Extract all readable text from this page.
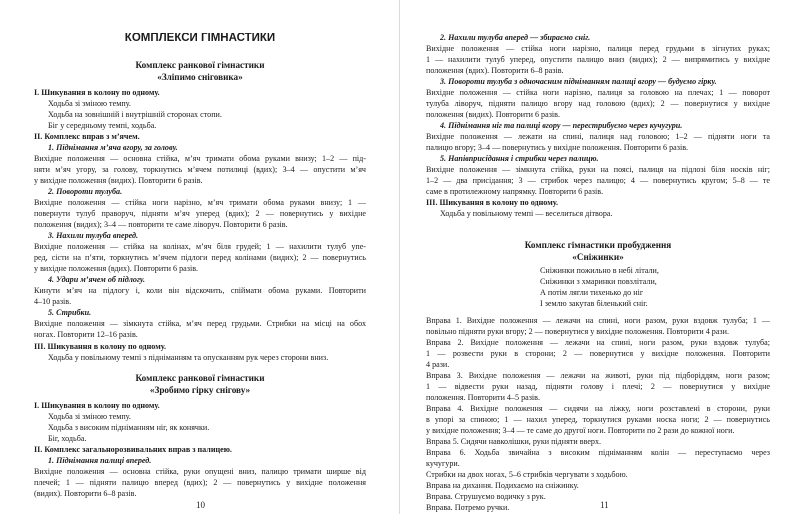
КОМПЛЕКСИ ГІМНАСТИКИ
Комплекс ранкової гімнастики
«Зліпимо сніговика»
І. Шикування в колону по одному.
Ходьба зі зміною темпу.
Ходьба на зовнішній і внутрішній сторонах стопи.
Біг у середньому темпі, ходьба.
ІІ. Комплекс вправ з м’ячем.
1. Піднімання м’яча вгору, за голову.
Вихідне положення — основна стійка, м’яч тримати обома руками внизу; 1–2 — під-
няти м’яч угору, за голову, торкнутись м’ячем потилиці (вдих); 3–4 — опустити м’яч
у вихідне положення (видих). Повторити 6 разів.
2. Повороти тулуба.
Вихідне положення — стійка ноги нарізно, м’яч тримати обома руками внизу; 1 —
повернути тулуб праворуч, підняти м’яч уперед (вдих); 2 — повернутись у вихідне
положення (видих); 3–4 — повторити те саме ліворуч. Повторити 6 разів.
3. Нахили тулуба вперед.
Вихідне положення — стійка на колінах, м’яч біля грудей; 1 — нахилити тулуб упе-
ред, сісти на п’яти, торкнутись м’ячем підлоги перед колінами (видих); 2 — повернутись
у вихідне положення (вдих). Повторити 6 разів.
4. Удари м’ячем об підлогу.
Кинути м’яч на підлогу і, коли він відскочить, спіймати обома руками. Повторити
4–10 разів.
5. Стрибки.
Вихідне положення — зімкнута стійка, м’яч перед грудьми. Стрибки на місці на обох
ногах. Повторити 12–16 разів.
ІІІ. Шикування в колону по одному.
Ходьба у повільному темпі з підніманням та опусканням рук через сторони вниз.
Комплекс ранкової гімнастики
«Зробимо гірку снігову»
І. Шикування в колону по одному.
Ходьба зі зміною темпу.
Ходьба з високим підніманням ніг, як конячки.
Біг, ходьба.
ІІ. Комплекс загальнорозвивальних вправ з палицею.
1. Піднімання палиці вперед.
Вихідне положення — основна стійка, руки опущені вниз, палицю тримати ширше від
плечей; 1 — підняти палицю вперед (вдих); 2 — повернутись у вихідне положення
(видих). Повторити 6–8 разів.
10
2. Нахили тулуба вперед — збираємо сніг.
Вихідне положення — стійка ноги нарізно, палиця перед грудьми в зігнутих руках;
1 — нахилити тулуб уперед, опустити палицю вниз (видих); 2 — випрямитись у вихідне
положення (вдих). Повторити 6–8 разів.
3. Повороти тулуба з одночасним підніманням палиці вгору — будуємо гірку.
Вихідне положення — стійка ноги нарізно, палиця за головою на плечах; 1 — поворот
тулуба ліворуч, підняти палицю вгору над головою (вдих); 2 — повернутися у вихідне
положення (видих). Повторити 6 разів.
4. Піднімання ніг та палиці вгору — перестрибуємо через кучугури.
Вихідне положення — лежати на спині, палиця над головою; 1–2 — підняти ноги та
палицю вгору; 3–4 — повернутись у вихідне положення. Повторити 6 разів.
5. Напівприсідання і стрибки через палицю.
Вихідне положення — зімкнута стійка, руки на поясі, палиця на підлозі біля носків ніг;
1–2 — два присідання; 3 — стрибок через палицю; 4 — повернутись кругом; 5–8 — те
саме в протилежному напрямку. Повторити 6 разів.
ІІІ. Шикування в колону по одному.
Ходьба у повільному темпі — веселиться дітвора.
Комплекс гімнастики пробудження
«Сніжинки»
Сніжинки пожильно в небі літали,
Сніжинки з хмаринки повзлітали,
А потім лягли тихенько до ніг
І землю закутав біленький сніг.
Вправа 1. Вихідне положення — лежачи на спині, ноги разом, руки вздовж тулуба; 1 —
повільно підняти руки вгору; 2 — повернутися у вихідне положення. Повторити 4 рази.
Вправа 2. Вихідне положення — лежачи на спині, ноги разом, руки вздовж тулуба;
1 — розвести руки в сторони; 2 — повернутися у вихідне положення. Повторити
4 рази.
Вправа 3. Вихідне положення — лежачи на животі, руки під підборіддям, ноги разом;
1 — відвести руки назад, підняти голову і плечі; 2 — повернутися у вихідне
положення. Повторити 4–5 разів.
Вправа 4. Вихідне положення — сидячи на ліжку, ноги розставлені в сторони, руки
в упорі за спиною; 1 — нахил уперед, торкнутися руками носка ноги; 2 — повернутись
у вихідне положення; 3–4 — те саме до другої ноги. Повторити по 2 рази до кожної ноги.
Вправа 5. Сидячи навколішки, руки підняти вверх.
Вправа 6. Ходьба звичайна з високим підніманням колін — переступаємо через
кучугури.
Стрибки на двох ногах, 5–6 стрибків чергувати з ходьбою.
Вправа на дихання. Подихаємо на сніжинку.
Вправа. Струшуємо водичку з рук.
Вправа. Потремо ручки.	11
